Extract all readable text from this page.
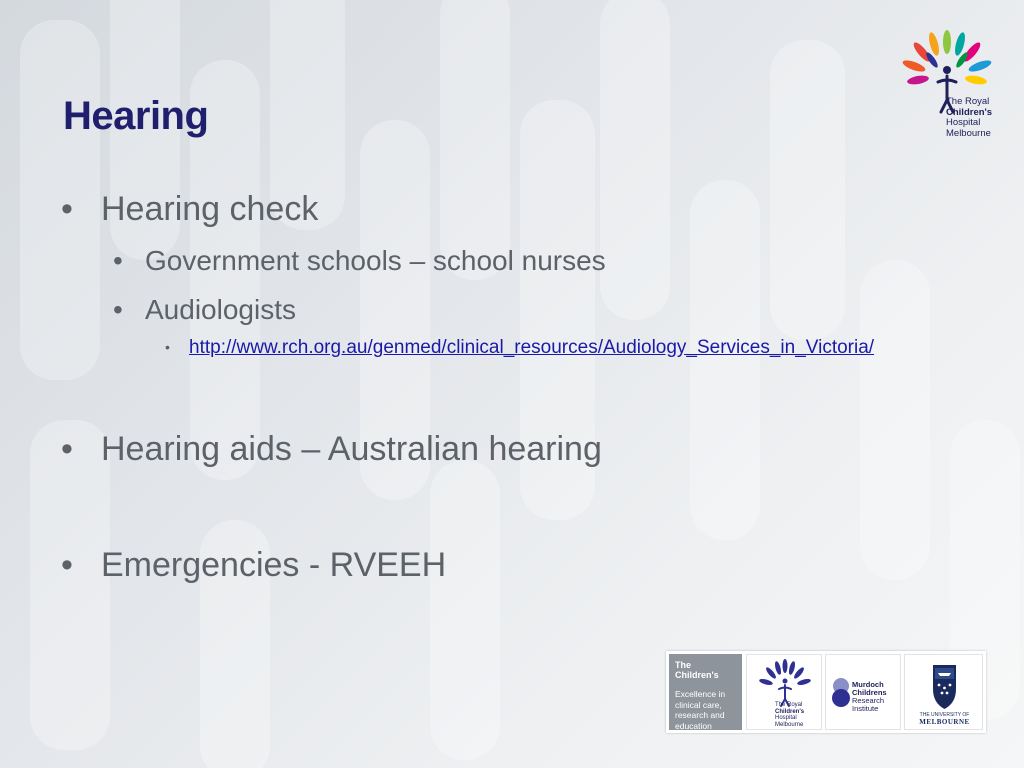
Hearing
• Hearing check
• Government schools – school nurses
• Audiologists
• http://www.rch.org.au/genmed/clinical_resources/Audiology_Services_in_Victoria/
• Hearing aids – Australian hearing
• Emergencies - RVEEH
The Royal
Children's
Hospital
Melbourne
The Children's
Excellence in clinical care, research and education
The Royal
Children's
Hospital
Melbourne
Murdoch
Childrens
Research
Institute
THE UNIVERSITY OF
MELBOURNE
